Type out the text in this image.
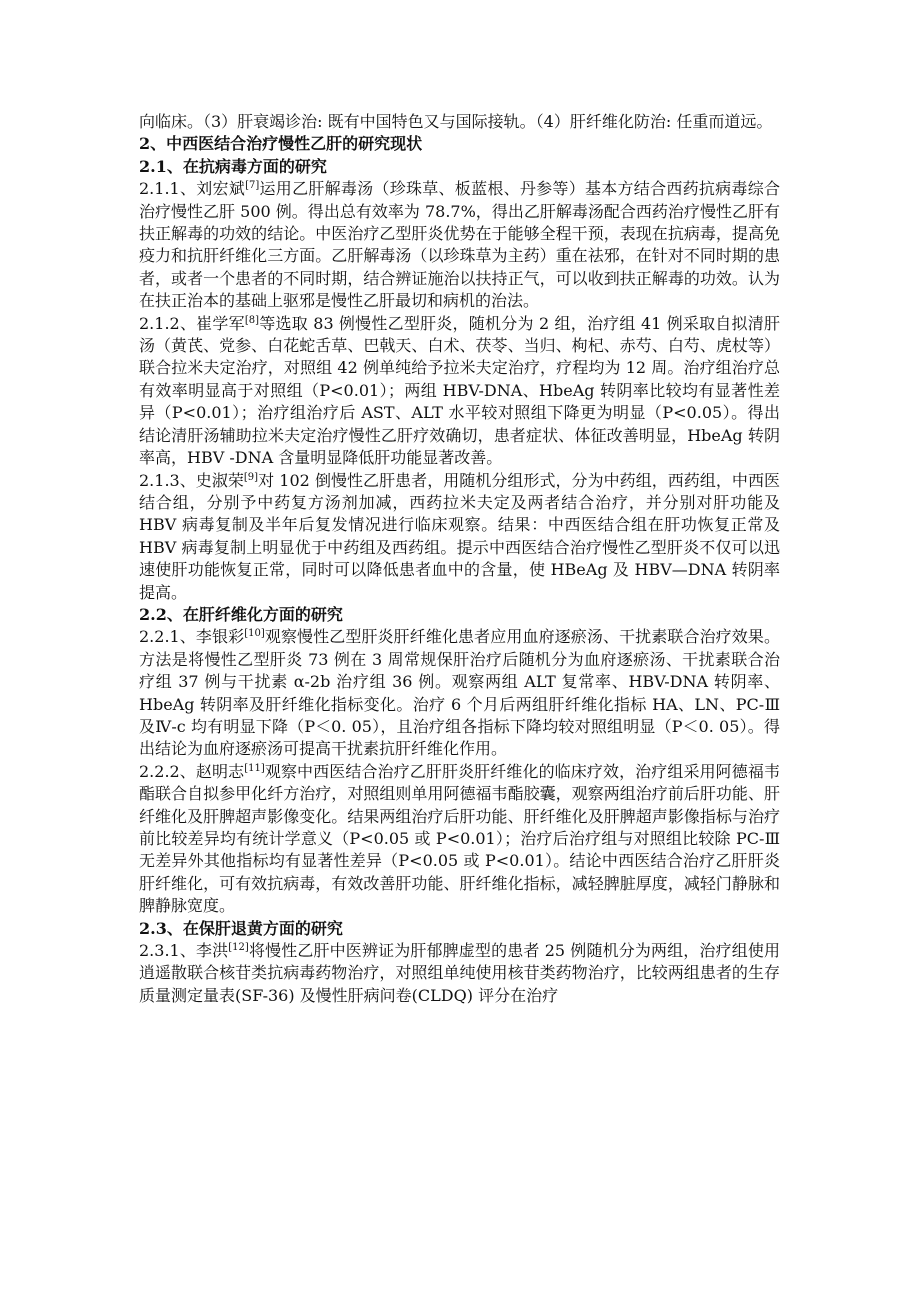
向临床。（3）肝衰竭诊治: 既有中国特色又与国际接轨。（4）肝纤维化防治: 任重而道远。

2、中西医结合治疗慢性乙肝的研究现状

2.1、在抗病毒方面的研究

2.1.1、刘宏斌[7]运用乙肝解毒汤（珍珠草、板蓝根、丹参等）基本方结合西药抗病毒综合治疗慢性乙肝 500 例。得出总有效率为 78.7%，得出乙肝解毒汤配合西药治疗慢性乙肝有扶正解毒的功效的结论。中医治疗乙型肝炎优势在于能够全程干预，表现在抗病毒，提高免疫力和抗肝纤维化三方面。乙肝解毒汤（以珍珠草为主药）重在祛邪，在针对不同时期的患者，或者一个患者的不同时期，结合辨证施治以扶持正气，可以收到扶正解毒的功效。认为在扶正治本的基础上驱邪是慢性乙肝最切和病机的治法。

2.1.2、崔学军[8]等选取 83 例慢性乙型肝炎，随机分为 2 组，治疗组 41 例采取自拟清肝汤（黄芪、党参、白花蛇舌草、巴戟天、白术、茯苓、当归、枸杞、赤芍、白芍、虎杖等）联合拉米夫定治疗，对照组 42 例单纯给予拉米夫定治疗，疗程均为 12 周。治疗组治疗总有效率明显高于对照组（P<0.01）；两组 HBV-DNA、HbeAg 转阴率比较均有显著性差异（P<0.01）；治疗组治疗后 AST、ALT 水平较对照组下降更为明显（P<0.05）。得出结论清肝汤辅助拉米夫定治疗慢性乙肝疗效确切，患者症状、体征改善明显，HbeAg 转阴率高，HBV -DNA 含量明显降低肝功能显著改善。

2.1.3、史淑荣[9]对 102 倒慢性乙肝患者，用随机分组形式，分为中药组，西药组，中西医结合组，分别予中药复方汤剂加减，西药拉米夫定及两者结合治疗，并分别对肝功能及 HBV 病毒复制及半年后复发情况进行临床观察。结果：中西医结合组在肝功恢复正常及 HBV 病毒复制上明显优于中药组及西药组。提示中西医结合治疗慢性乙型肝炎不仅可以迅速使肝功能恢复正常，同时可以降低患者血中的含量，使 HBeAg 及 HBV—DNA 转阴率提高。

2.2、在肝纤维化方面的研究

2.2.1、李银彩[10]观察慢性乙型肝炎肝纤维化患者应用血府逐瘀汤、干扰素联合治疗效果。方法是将慢性乙型肝炎 73 例在 3 周常规保肝治疗后随机分为血府逐瘀汤、干扰素联合治疗组 37 例与干扰素 α-2b 治疗组 36 例。观察两组 ALT 复常率、HBV-DNA 转阴率、HbeAg 转阴率及肝纤维化指标变化。治疗 6 个月后两组肝纤维化指标 HA、LN、PC-Ⅲ及Ⅳ-c 均有明显下降（P＜0. 05），且治疗组各指标下降均较对照组明显（P＜0. 05）。得出结论为血府逐瘀汤可提高干扰素抗肝纤维化作用。

2.2.2、赵明志[11]观察中西医结合治疗乙肝肝炎肝纤维化的临床疗效，治疗组采用阿德福韦酯联合自拟参甲化纤方治疗，对照组则单用阿德福韦酯胶囊，观察两组治疗前后肝功能、肝纤维化及肝脾超声影像变化。结果两组治疗后肝功能、肝纤维化及肝脾超声影像指标与治疗前比较差异均有统计学意义（P<0.05 或 P<0.01）；治疗后治疗组与对照组比较除 PC-Ⅲ无差异外其他指标均有显著性差异（P<0.05 或 P<0.01）。结论中西医结合治疗乙肝肝炎肝纤维化，可有效抗病毒，有效改善肝功能、肝纤维化指标，减轻脾脏厚度，减轻门静脉和脾静脉宽度。

2.3、在保肝退黄方面的研究

2.3.1、李洪[12]将慢性乙肝中医辨证为肝郁脾虚型的患者 25 例随机分为两组，治疗组使用逍遥散联合核苷类抗病毒药物治疗，对照组单纯使用核苷类药物治疗，比较两组患者的生存质量测定量表(SF-36) 及慢性肝病问卷(CLDQ) 评分在治疗
